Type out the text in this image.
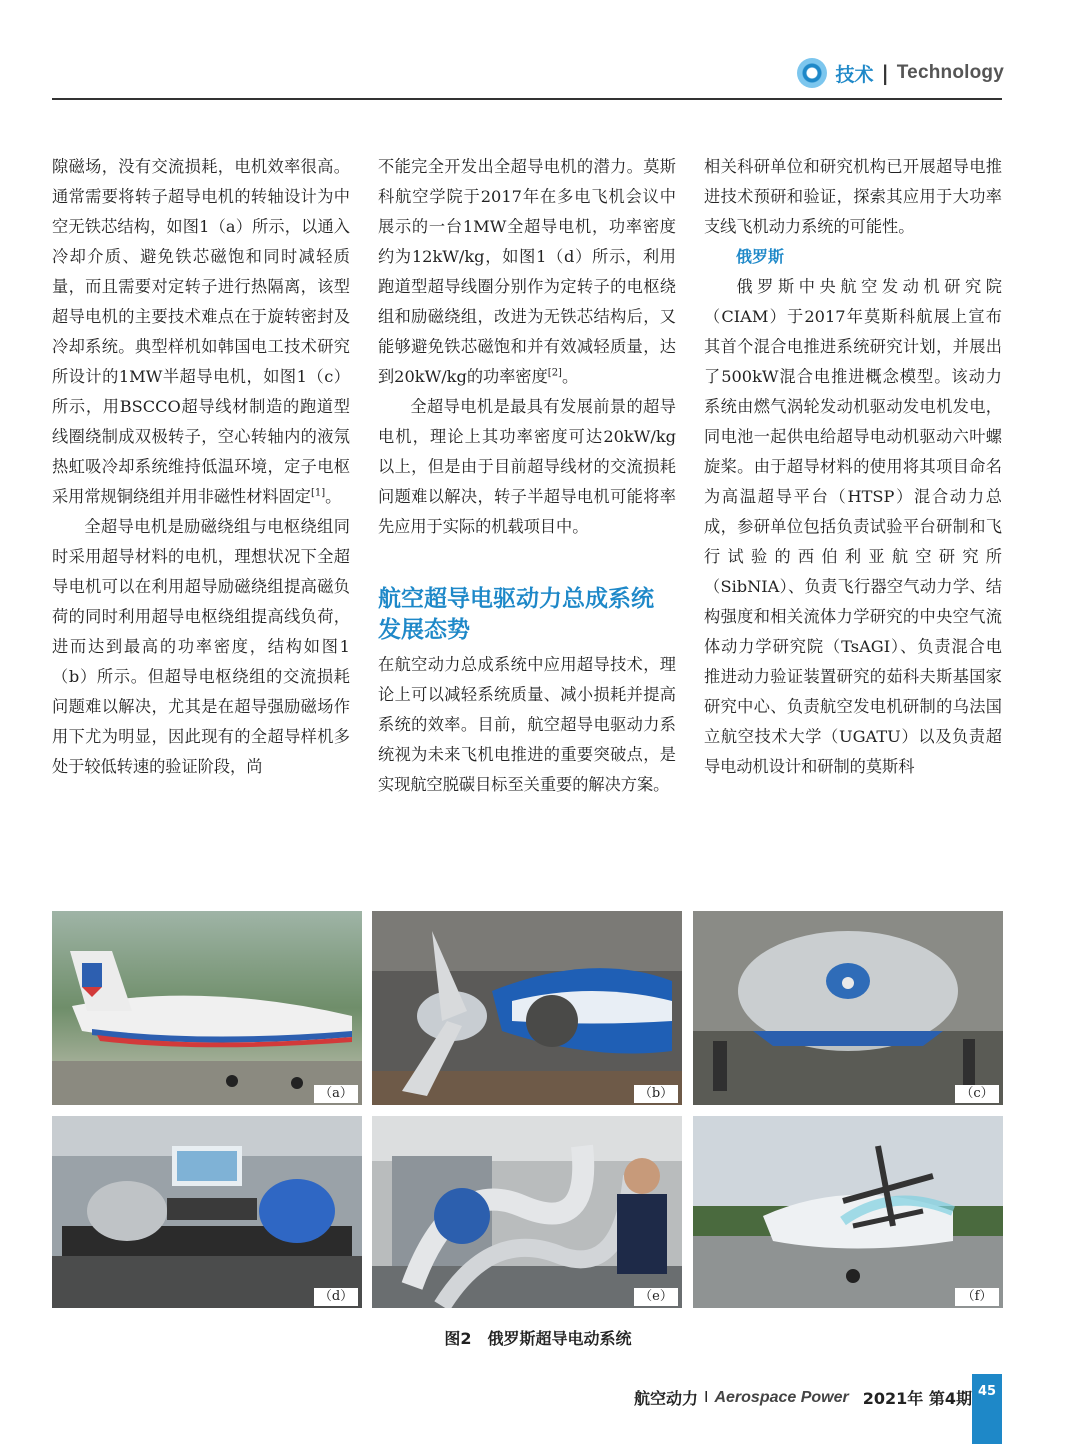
技术 | Technology

隙磁场，没有交流损耗，电机效率很高。通常需要将转子超导电机的转轴设计为中空无铁芯结构，如图1（a）所示，以通入冷却介质、避免铁芯磁饱和同时减轻质量，而且需要对定转子进行热隔离，该型超导电机的主要技术难点在于旋转密封及冷却系统。典型样机如韩国电工技术研究所设计的1MW半超导电机，如图1（c）所示，用BSCCO超导线材制造的跑道型线圈绕制成双极转子，空心转轴内的液氖热虹吸冷却系统维持低温环境，定子电枢采用常规铜绕组并用非磁性材料固定[1]。

全超导电机是励磁绕组与电枢绕组同时采用超导材料的电机，理想状况下全超导电机可以在利用超导励磁绕组提高磁负荷的同时利用超导电枢绕组提高线负荷，进而达到最高的功率密度，结构如图1（b）所示。但超导电枢绕组的交流损耗问题难以解决，尤其是在超导强励磁场作用下尤为明显，因此现有的全超导样机多处于较低转速的验证阶段，尚

不能完全开发出全超导电机的潜力。莫斯科航空学院于2017年在多电飞机会议中展示的一台1MW全超导电机，功率密度约为12kW/kg，如图1（d）所示，利用跑道型超导线圈分别作为定转子的电枢绕组和励磁绕组，改进为无铁芯结构后，又能够避免铁芯磁饱和并有效减轻质量，达到20kW/kg的功率密度[2]。

全超导电机是最具有发展前景的超导电机，理论上其功率密度可达20kW/kg以上，但是由于目前超导线材的交流损耗问题难以解决，转子半超导电机可能将率先应用于实际的机载项目中。

航空超导电驱动力总成系统发展态势

在航空动力总成系统中应用超导技术，理论上可以减轻系统质量、减小损耗并提高系统的效率。目前，航空超导电驱动力系统视为未来飞机电推进的重要突破点，是实现航空脱碳目标至关重要的解决方案。

相关科研单位和研究机构已开展超导电推进技术预研和验证，探索其应用于大功率支线飞机动力系统的可能性。

俄罗斯

俄罗斯中央航空发动机研究院（CIAM）于2017年莫斯科航展上宣布其首个混合电推进系统研究计划，并展出了500kW混合电推进概念模型。该动力系统由燃气涡轮发动机驱动发电机发电，同电池一起供电给超导电动机驱动六叶螺旋桨。由于超导材料的使用将其项目命名为高温超导平台（HTSP）混合动力总成，参研单位包括负责试验平台研制和飞行试验的西伯利亚航空研究所（SibNIA）、负责飞行器空气动力学、结构强度和相关流体力学研究的中央空气流体动力学研究院（TsAGI）、负责混合电推进动力验证装置研究的茹科夫斯基国家研究中心、负责航空发电机研制的乌法国立航空技术大学（UGATU）以及负责超导电动机设计和研制的莫斯科

（a）	（b）	（c）
（d）	（e）	（f）
图2　俄罗斯超导电动系统
航空动力 I Aerospace Power 2021年 第4期 45
